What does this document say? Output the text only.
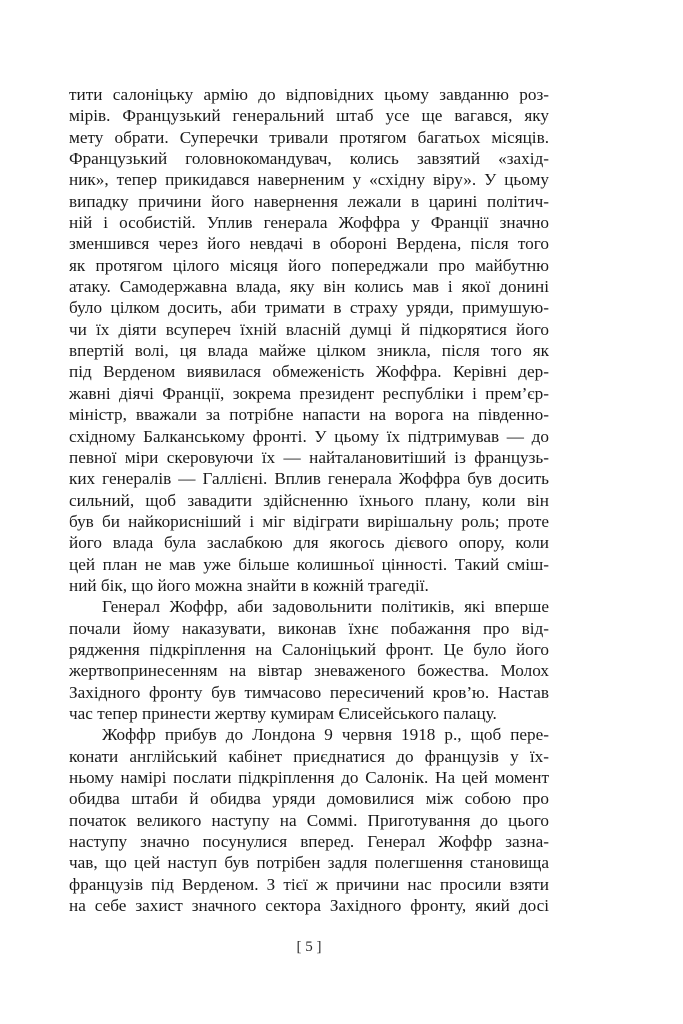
тити салоніцьку армію до відповідних цьому завданню роз-
мірів. Французький генеральний штаб усе ще вагався, яку
мету обрати. Суперечки тривали протягом багатьох місяців.
Французький головнокомандувач, колись завзятий «захід-
ник», тепер прикидався наверненим у «східну віру». У цьому
випадку причини його навернення лежали в царині політич-
ній і особистій. Уплив генерала Жоффра у Франції значно
зменшився через його невдачі в обороні Вердена, після того
як протягом цілого місяця його попереджали про майбутню
атаку. Самодержавна влада, яку він колись мав і якої донині
було цілком досить, аби тримати в страху уряди, примушую-
чи їх діяти всупереч їхній власній думці й підкорятися його
впертій волі, ця влада майже цілком зникла, після того як
під Верденом виявилася обмеженість Жоффра. Керівні дер-
жавні діячі Франції, зокрема президент республіки і прем’єр-
міністр, вважали за потрібне напасти на ворога на південно-
східному Балканському фронті. У цьому їх підтримував — до
певної міри скеровуючи їх — найталановитіший із французь-
ких генералів — Галлієні. Вплив генерала Жоффра був досить
сильний, щоб завадити здійсненню їхнього плану, коли він
був би найкорисніший і міг відіграти вирішальну роль; проте
його влада була заслабкою для якогось дієвого опору, коли
цей план не мав уже більше колишньої цінності. Такий сміш-
ний бік, що його можна знайти в кожній трагедії.
Генерал Жоффр, аби задовольнити політиків, які вперше
почали йому наказувати, виконав їхнє побажання про від-
рядження підкріплення на Салоніцький фронт. Це було його
жертвопринесенням на вівтар зневаженого божества. Молох
Західного фронту був тимчасово пересичений кров’ю. Настав
час тепер принести жертву кумирам Єлисейського палацу.
Жоффр прибув до Лондона 9 червня 1918 р., щоб пере-
конати англійський кабінет приєднатися до французів у їх-
ньому намірі послати підкріплення до Салонік. На цей момент
обидва штаби й обидва уряди домовилися між собою про
початок великого наступу на Соммі. Приготування до цього
наступу значно посунулися вперед. Генерал Жоффр зазна-
чав, що цей наступ був потрібен задля полегшення становища
французів під Верденом. З тієї ж причини нас просили взяти
на себе захист значного сектора Західного фронту, який досі
[ 5 ]
